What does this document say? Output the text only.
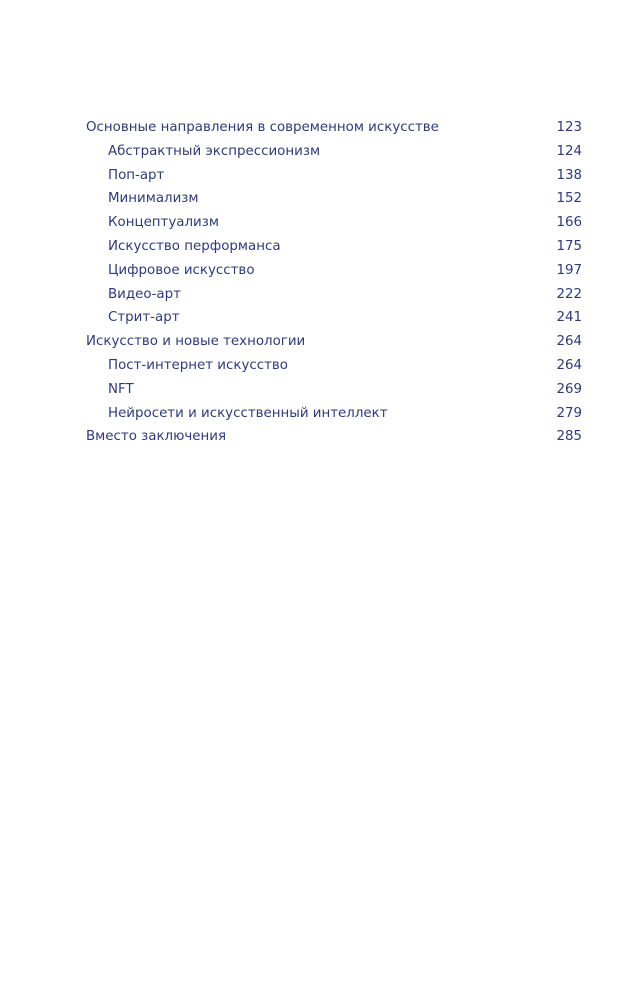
Основные направления в современном искусстве	123
Абстрактный экспрессионизм	124
Поп-арт	138
Минимализм	152
Концептуализм	166
Искусство перформанса	175
Цифровое искусство	197
Видео-арт	222
Стрит-арт	241
Искусство и новые технологии	264
Пост-интернет искусство	264
NFT	269
Нейросети и искусственный интеллект	279
Вместо заключения	285
